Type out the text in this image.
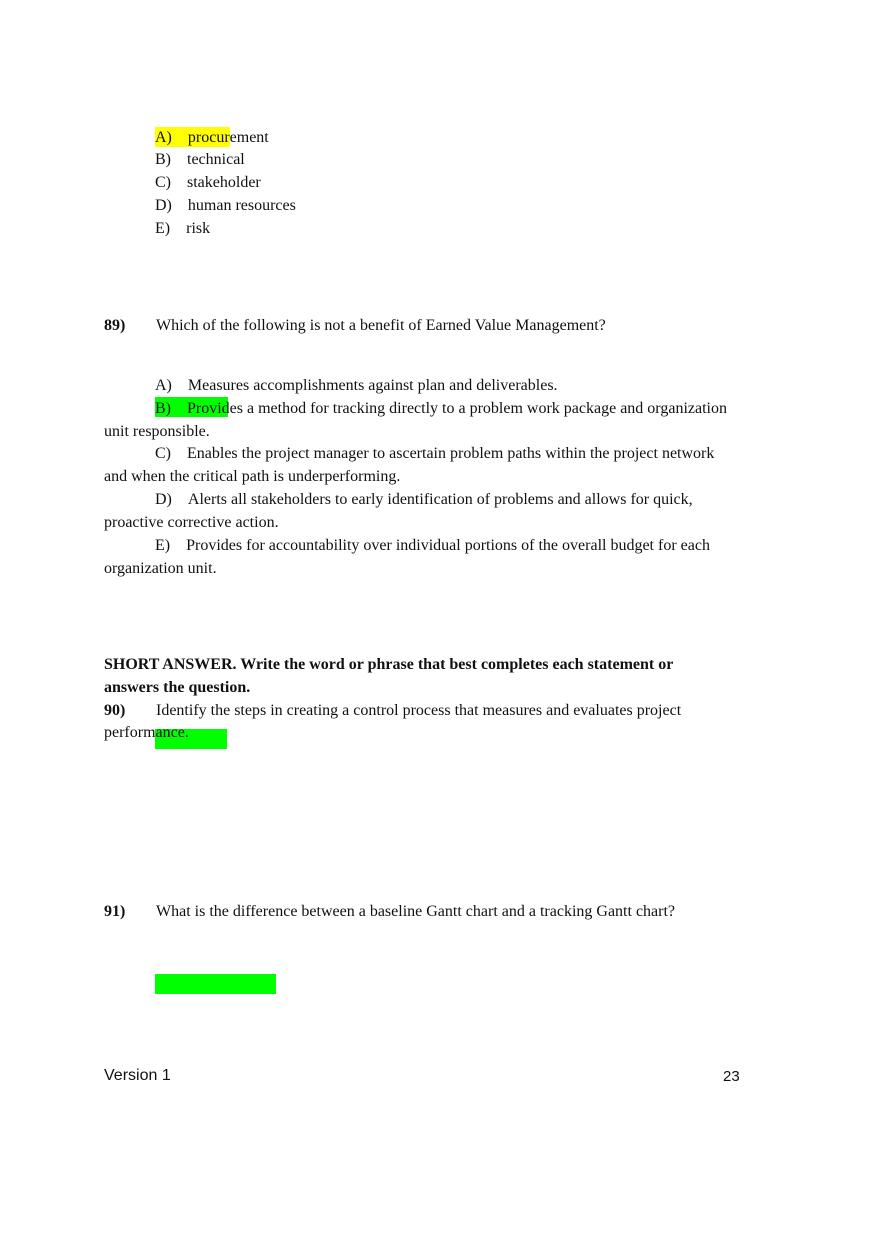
A) procurement
B) technical
C) stakeholder
D) human resources
E) risk
89) Which of the following is not a benefit of Earned Value Management?
A) Measures accomplishments against plan and deliverables.
B) Provides a method for tracking directly to a problem work package and organization
unit responsible.
C) Enables the project manager to ascertain problem paths within the project network
and when the critical path is underperforming.
D) Alerts all stakeholders to early identification of problems and allows for quick,
proactive corrective action.
E) Provides for accountability over individual portions of the overall budget for each
organization unit.
SHORT ANSWER. Write the word or phrase that best completes each statement or
answers the question.
90) Identify the steps in creating a control process that measures and evaluates project
performance.
91) What is the difference between a baseline Gantt chart and a tracking Gantt chart?
Version 1	23
